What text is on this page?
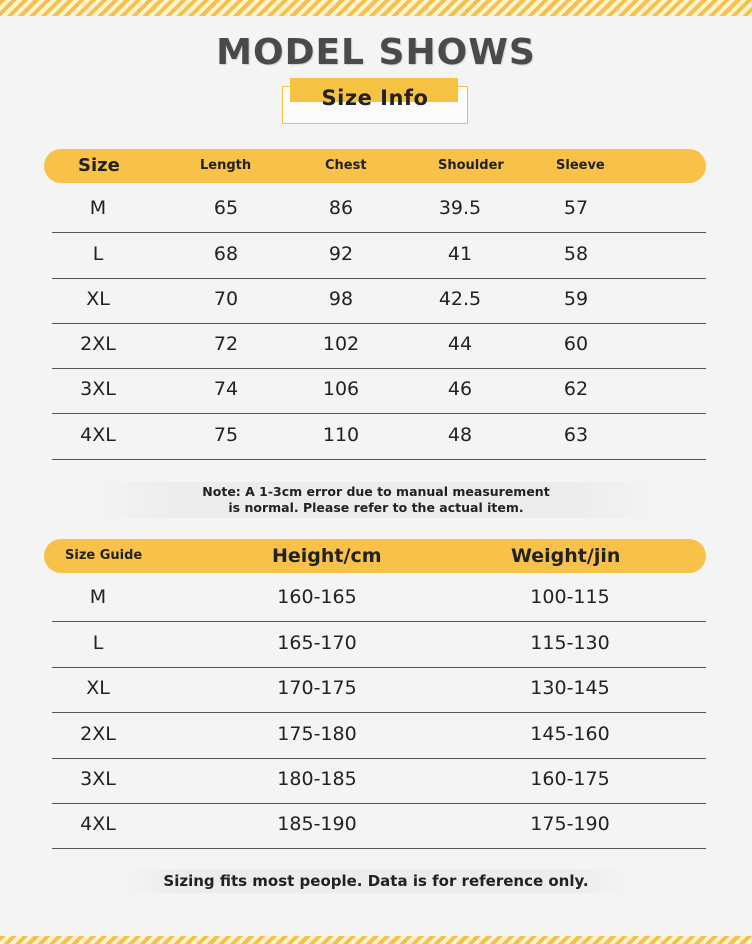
MODEL SHOWS
Size Info
Size	Length	Chest	Shoulder	Sleeve
M	65	86	39.5	57
L	68	92	41	58
XL	70	98	42.5	59
2XL	72	102	44	60
3XL	74	106	46	62
4XL	75	110	48	63
Note: A 1-3cm error due to manual measurement
is normal. Please refer to the actual item.
Size Guide	Height/cm	Weight/jin
M	160-165	100-115
L	165-170	115-130
XL	170-175	130-145
2XL	175-180	145-160
3XL	180-185	160-175
4XL	185-190	175-190
Sizing fits most people. Data is for reference only.
